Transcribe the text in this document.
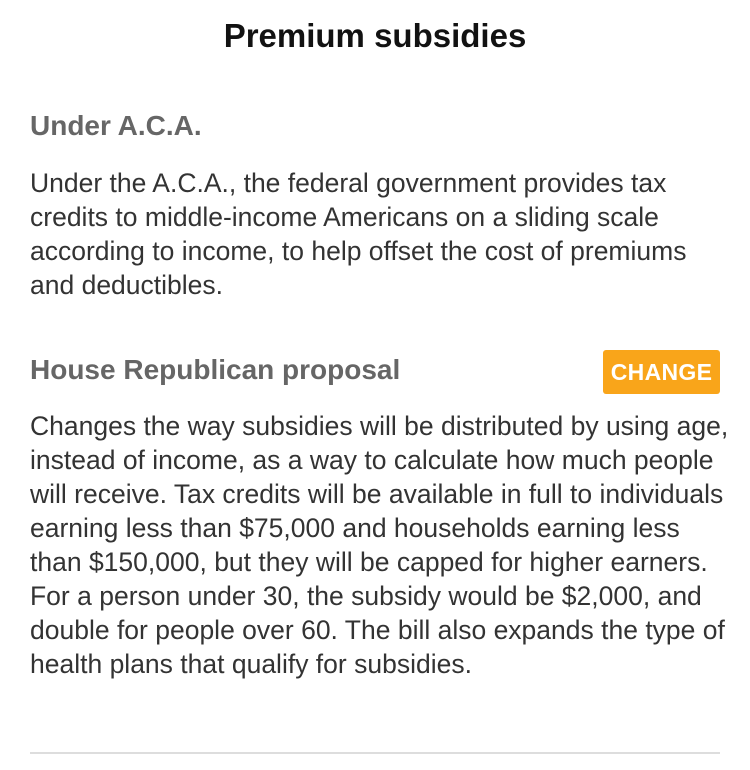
Premium subsidies
Under A.C.A.

Under the A.C.A., the federal government provides tax credits to middle-income Americans on a sliding scale according to income, to help offset the cost of premiums and deductibles.

House Republican proposal	CHANGE

Changes the way subsidies will be distributed by using age, instead of income, as a way to calculate how much people will receive. Tax credits will be available in full to individuals earning less than $75,000 and households earning less than $150,000, but they will be capped for higher earners. For a person under 30, the subsidy would be $2,000, and double for people over 60. The bill also expands the type of health plans that qualify for subsidies.
